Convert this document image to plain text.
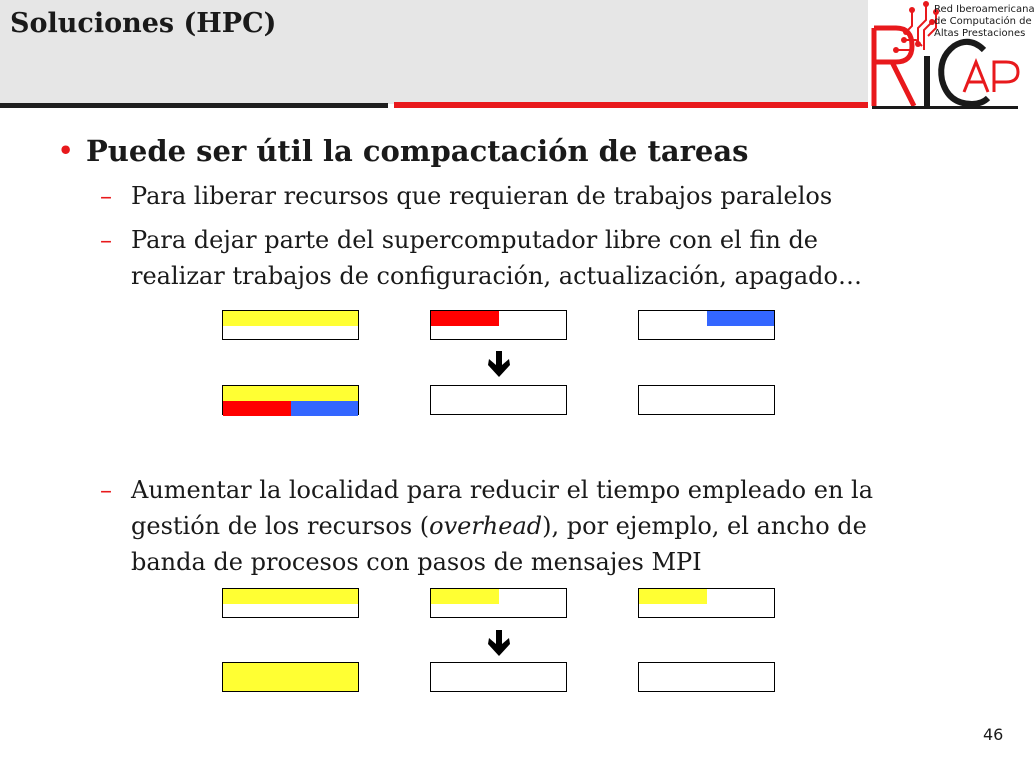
Soluciones (HPC)	Red Iberoamericana
de Computación de
Altas Prestaciones
• Puede ser útil la compactación de tareas
– Para liberar recursos que requieran de trabajos paralelos
– Para dejar parte del supercomputador libre con el fin de
realizar trabajos de configuración, actualización, apagado…
– Aumentar la localidad para reducir el tiempo empleado en la
gestión de los recursos (overhead), por ejemplo, el ancho de
banda de procesos con pasos de mensajes MPI
46
